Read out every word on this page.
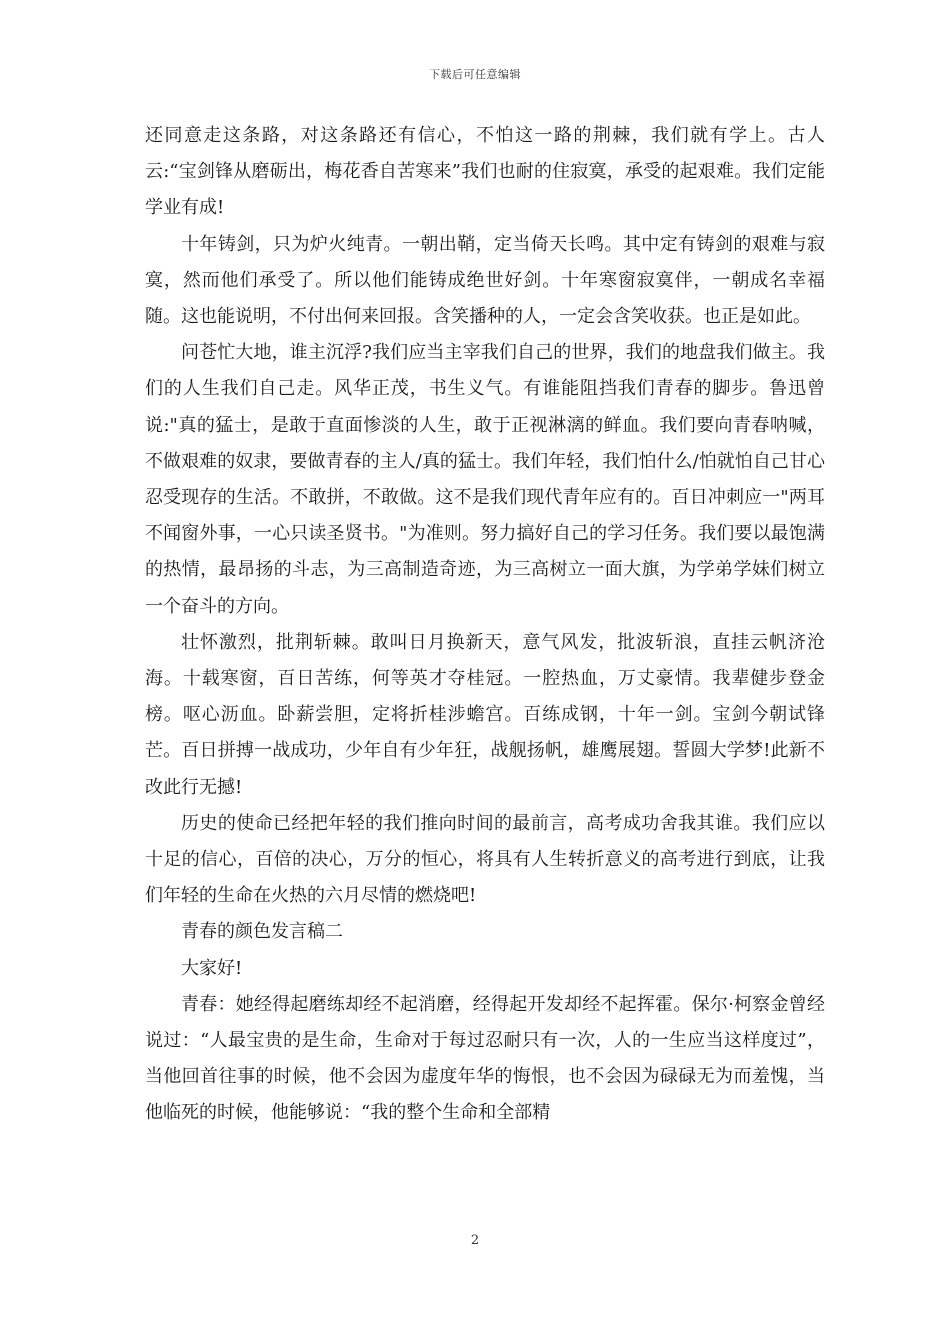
下载后可任意编辑

还同意走这条路，对这条路还有信心，不怕这一路的荆棘，我们就有学上。古人云:“宝剑锋从磨砺出，梅花香自苦寒来”我们也耐的住寂寞，承受的起艰难。我们定能学业有成!

十年铸剑，只为炉火纯青。一朝出鞘，定当倚天长鸣。其中定有铸剑的艰难与寂寞，然而他们承受了。所以他们能铸成绝世好剑。十年寒窗寂寞伴，一朝成名幸福随。这也能说明，不付出何来回报。含笑播种的人，一定会含笑收获。也正是如此。

问苍忙大地，谁主沉浮?我们应当主宰我们自己的世界，我们的地盘我们做主。我们的人生我们自己走。风华正茂，书生义气。有谁能阻挡我们青春的脚步。鲁迅曾说:"真的猛士，是敢于直面惨淡的人生，敢于正视淋漓的鲜血。我们要向青春呐喊，不做艰难的奴隶，要做青春的主人/真的猛士。我们年轻，我们怕什么/怕就怕自己甘心忍受现存的生活。不敢拼，不敢做。这不是我们现代青年应有的。百日冲刺应一"两耳不闻窗外事，一心只读圣贤书。"为准则。努力搞好自己的学习任务。我们要以最饱满的热情，最昂扬的斗志，为三高制造奇迹，为三高树立一面大旗，为学弟学妹们树立一个奋斗的方向。

壮怀激烈，批荆斩棘。敢叫日月换新天，意气风发，批波斩浪，直挂云帆济沧海。十载寒窗，百日苦练，何等英才夺桂冠。一腔热血，万丈豪情。我辈健步登金榜。呕心沥血。卧薪尝胆，定将折桂涉蟾宫。百练成钢，十年一剑。宝剑今朝试锋芒。百日拼搏一战成功，少年自有少年狂，战舰扬帆，雄鹰展翅。誓圆大学梦!此新不改此行无撼!

历史的使命已经把年轻的我们推向时间的最前言，高考成功舍我其谁。我们应以十足的信心，百倍的决心，万分的恒心，将具有人生转折意义的高考进行到底，让我们年轻的生命在火热的六月尽情的燃烧吧!

青春的颜色发言稿二

大家好!

青春：她经得起磨练却经不起消磨，经得起开发却经不起挥霍。保尔·柯察金曾经说过：“人最宝贵的是生命，生命对于每过忍耐只有一次，人的一生应当这样度过”，当他回首往事的时候，他不会因为虚度年华的悔恨，也不会因为碌碌无为而羞愧，当他临死的时候，他能够说：“我的整个生命和全部精

2
